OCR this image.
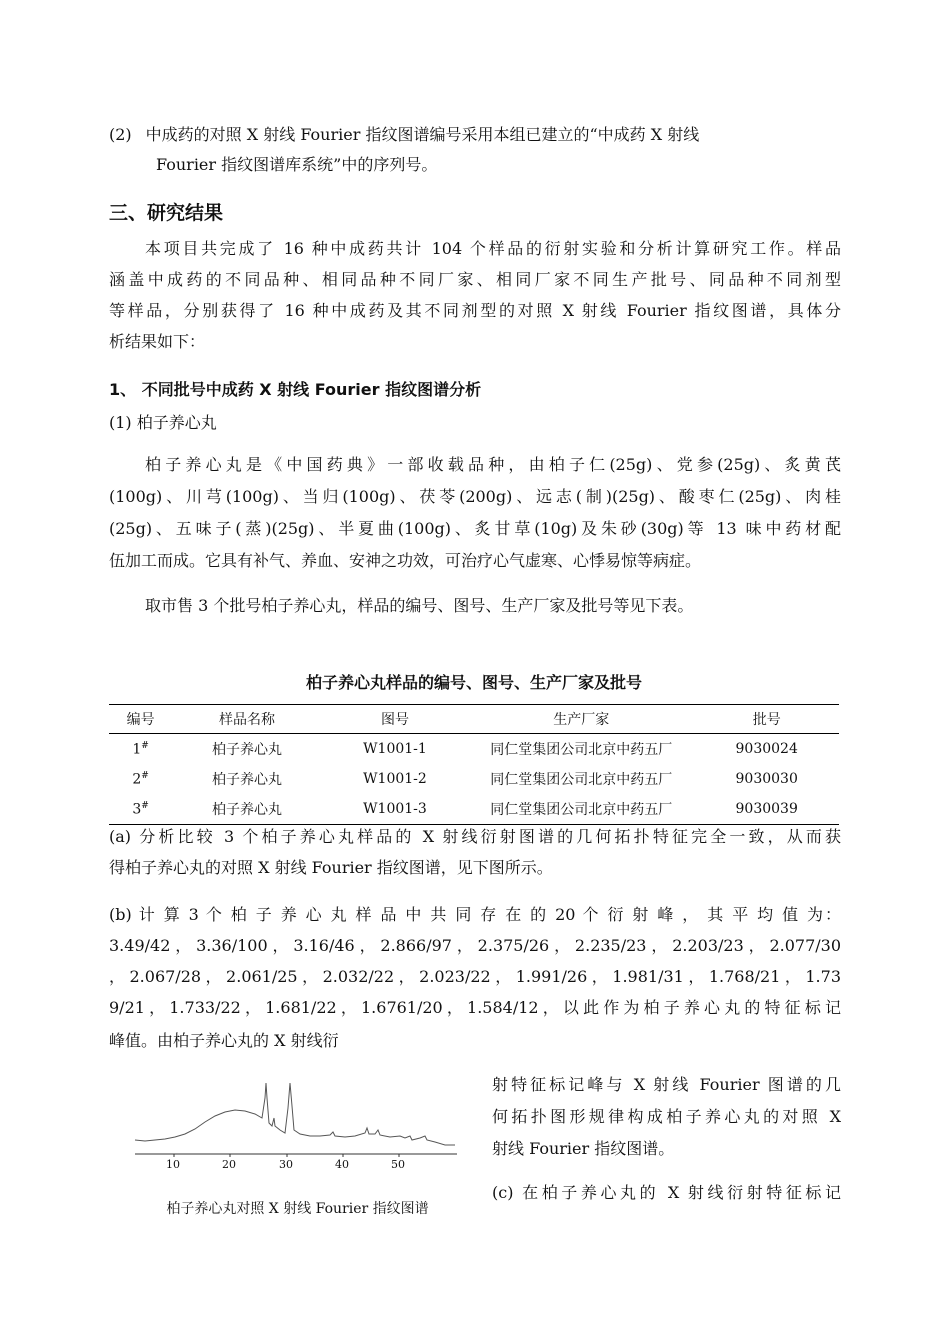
(2) 中成药的对照 X 射线 Fourier 指纹图谱编号采用本组已建立的“中成药 X 射线
Fourier 指纹图谱库系统”中的序列号。
三、研究结果
本项目共完成了 16 种中成药共计 104 个样品的衍射实验和分析计算研究工作。样品
涵盖中成药的不同品种、相同品种不同厂家、相同厂家不同生产批号、同品种不同剂型
等样品，分别获得了 16 种中成药及其不同剂型的对照 X 射线 Fourier 指纹图谱，具体分
析结果如下：
1、 不同批号中成药 X 射线 Fourier 指纹图谱分析
(1) 柏子养心丸
柏子养心丸是《中国药典》一部收载品种，由柏子仁(25g)、党参(25g)、炙黄芪
(100g)、川芎(100g)、当归(100g)、茯苓(200g)、远志(制)(25g)、酸枣仁(25g)、肉桂
(25g)、五味子(蒸)(25g)、半夏曲(100g)、炙甘草(10g)及朱砂(30g)等 13 味中药材配
伍加工而成。它具有补气、养血、安神之功效，可治疗心气虚寒、心悸易惊等病症。
取市售 3 个批号柏子养心丸，样品的编号、图号、生产厂家及批号等见下表。
柏子养心丸样品的编号、图号、生产厂家及批号
编号	样品名称	图号	生产厂家	批号
1#	柏子养心丸	W1001-1	同仁堂集团公司北京中药五厂	9030024
2#	柏子养心丸	W1001-2	同仁堂集团公司北京中药五厂	9030030
3#	柏子养心丸	W1001-3	同仁堂集团公司北京中药五厂	9030039
(a) 分析比较 3 个柏子养心丸样品的 X 射线衍射图谱的几何拓扑特征完全一致，从而获
得柏子养心丸的对照 X 射线 Fourier 指纹图谱，见下图所示。
(b) 计 算 3 个 柏 子 养 心 丸 样 品 中 共 同 存 在 的 20 个 衍 射 峰 ， 其 平 均 值 为：
3.49/42，3.36/100，3.16/46，2.866/97，2.375/26，2.235/23，2.203/23，2.077/30
，2.067/28，2.061/25，2.032/22，2.023/22，1.991/26，1.981/31，1.768/21，1.73
9/21，1.733/22，1.681/22，1.6761/20，1.584/12，以此作为柏子养心丸的特征标记
峰值。由柏子养心丸的 X 射线衍
射特征标记峰与 X 射线 Fourier 图谱的几
何拓扑图形规律构成柏子养心丸的对照 X
射线 Fourier 指纹图谱。
(c) 在柏子养心丸的 X 射线衍射特征标记
10	20	30	40	50
柏子养心丸对照 X 射线 Fourier 指纹图谱
